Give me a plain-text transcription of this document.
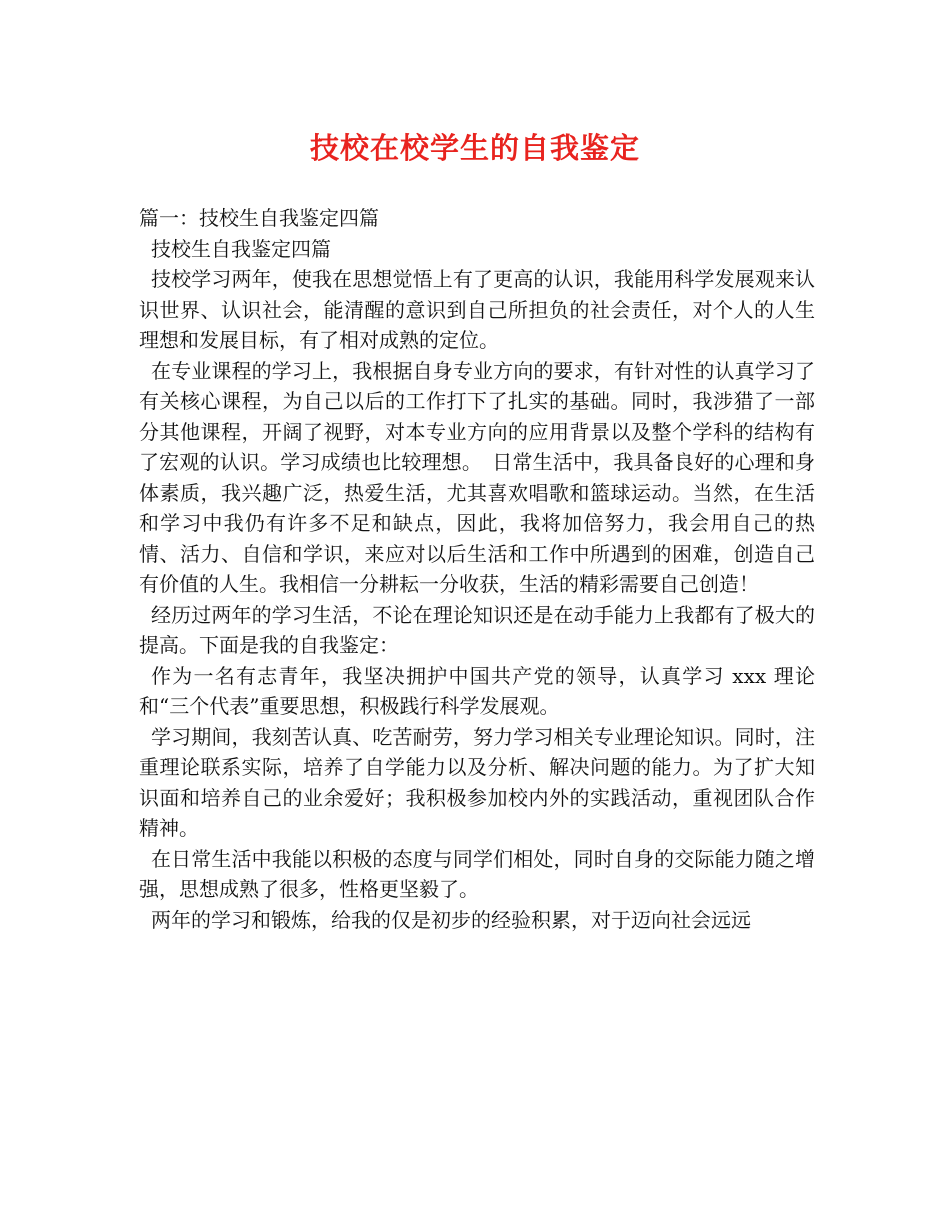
技校在校学生的自我鉴定

篇一：技校生自我鉴定四篇

技校生自我鉴定四篇

技校学习两年，使我在思想觉悟上有了更高的认识，我能用科学发展观来认识世界、认识社会，能清醒的意识到自己所担负的社会责任，对个人的人生理想和发展目标，有了相对成熟的定位。

在专业课程的学习上，我根据自身专业方向的要求，有针对性的认真学习了有关核心课程，为自己以后的工作打下了扎实的基础。同时，我涉猎了一部分其他课程，开阔了视野，对本专业方向的应用背景以及整个学科的结构有了宏观的认识。学习成绩也比较理想。　日常生活中，我具备良好的心理和身体素质，我兴趣广泛，热爱生活，尤其喜欢唱歌和篮球运动。当然，在生活和学习中我仍有许多不足和缺点，因此，我将加倍努力，我会用自己的热情、活力、自信和学识，来应对以后生活和工作中所遇到的困难，创造自己有价值的人生。我相信一分耕耘一分收获，生活的精彩需要自己创造！

经历过两年的学习生活，不论在理论知识还是在动手能力上我都有了极大的提高。下面是我的自我鉴定：

作为一名有志青年，我坚决拥护中国共产党的领导，认真学习 xxx 理论和“三个代表”重要思想，积极践行科学发展观。

学习期间，我刻苦认真、吃苦耐劳，努力学习相关专业理论知识。同时，注重理论联系实际，培养了自学能力以及分析、解决问题的能力。为了扩大知识面和培养自己的业余爱好；我积极参加校内外的实践活动，重视团队合作精神。

在日常生活中我能以积极的态度与同学们相处，同时自身的交际能力随之增强，思想成熟了很多，性格更坚毅了。

两年的学习和锻炼，给我的仅是初步的经验积累，对于迈向社会远远
